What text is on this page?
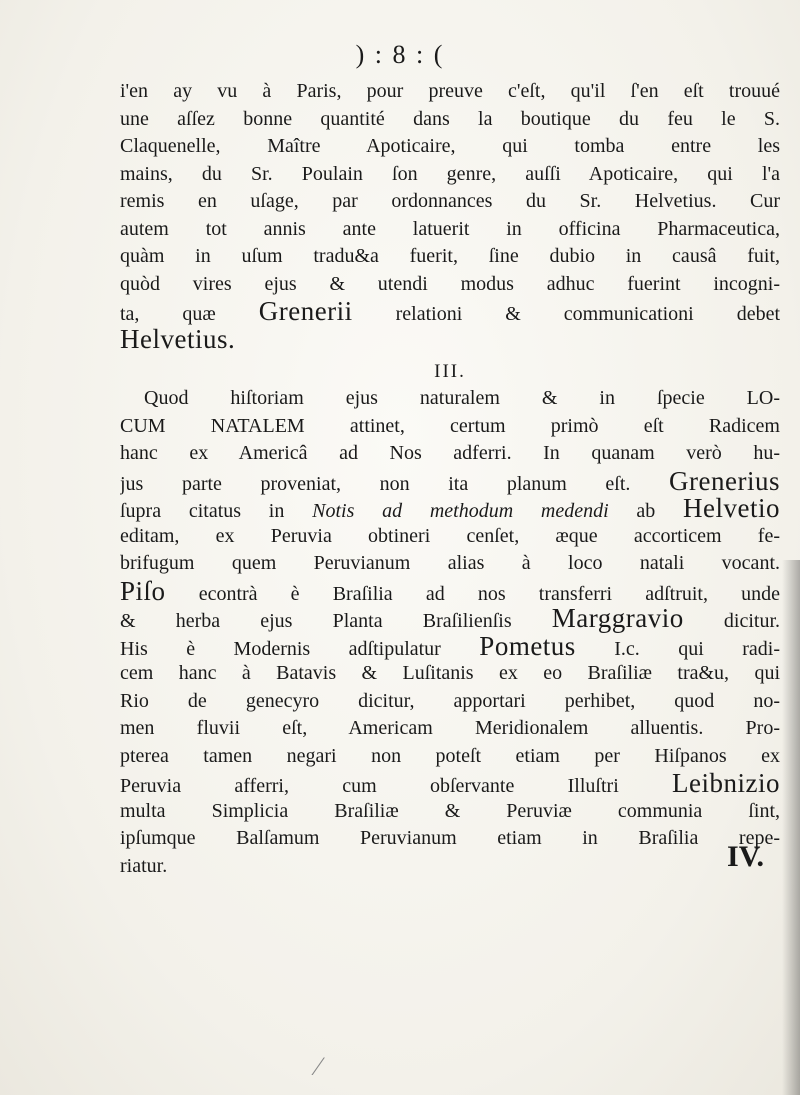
) : 8 : (
i'en ay vu à Paris, pour preuve c'eſt, qu'il ſ'en eſt trouué
une aſſez bonne quantité dans la boutique du feu le S.
Claquenelle, Maître Apoticaire, qui tomba entre les
mains, du Sr. Poulain ſon genre, auſſi Apoticaire, qui l'a
remis en uſage, par ordonnances du Sr. Helvetius. Cur
autem tot annis ante latuerit in officina Pharmaceutica,
quàm in uſum tradu&a fuerit, ſine dubio in causâ fuit,
quòd vires ejus & utendi modus adhuc fuerint incogni-
ta, quæ Grenerii relationi & communicationi debet
Helvetius.
III.
Quod hiſtoriam ejus naturalem & in ſpecie LO-
CUM NATALEM attinet, certum primò eſt Radicem
hanc ex Americâ ad Nos adferri. In quanam verò hu-
jus parte proveniat, non ita planum eſt. Grenerius
ſupra citatus in Notis ad methodum medendi ab Helvetio
editam, ex Peruvia obtineri cenſet, æque accorticem fe-
brifugum quem Peruvianum alias à loco natali vocant.
Piſo econtrà è Braſilia ad nos transferri adſtruit, unde
& herba ejus Planta Braſilienſis Marggravio dicitur.
His è Modernis adſtipulatur Pometus I.c. qui radi-
cem hanc à Batavis & Luſitanis ex eo Braſiliæ tra&u, qui
Rio de genecyro dicitur, apportari perhibet, quod no-
men fluvii eſt, Americam Meridionalem alluentis. Pro-
pterea tamen negari non poteſt etiam per Hiſpanos ex
Peruvia afferri, cum obſervante Illuſtri Leibnizio
multa Simplicia Braſiliæ & Peruviæ communia ſint,
ipſumque Balſamum Peruvianum etiam in Braſilia repe-
riatur.	IV.
⁄
